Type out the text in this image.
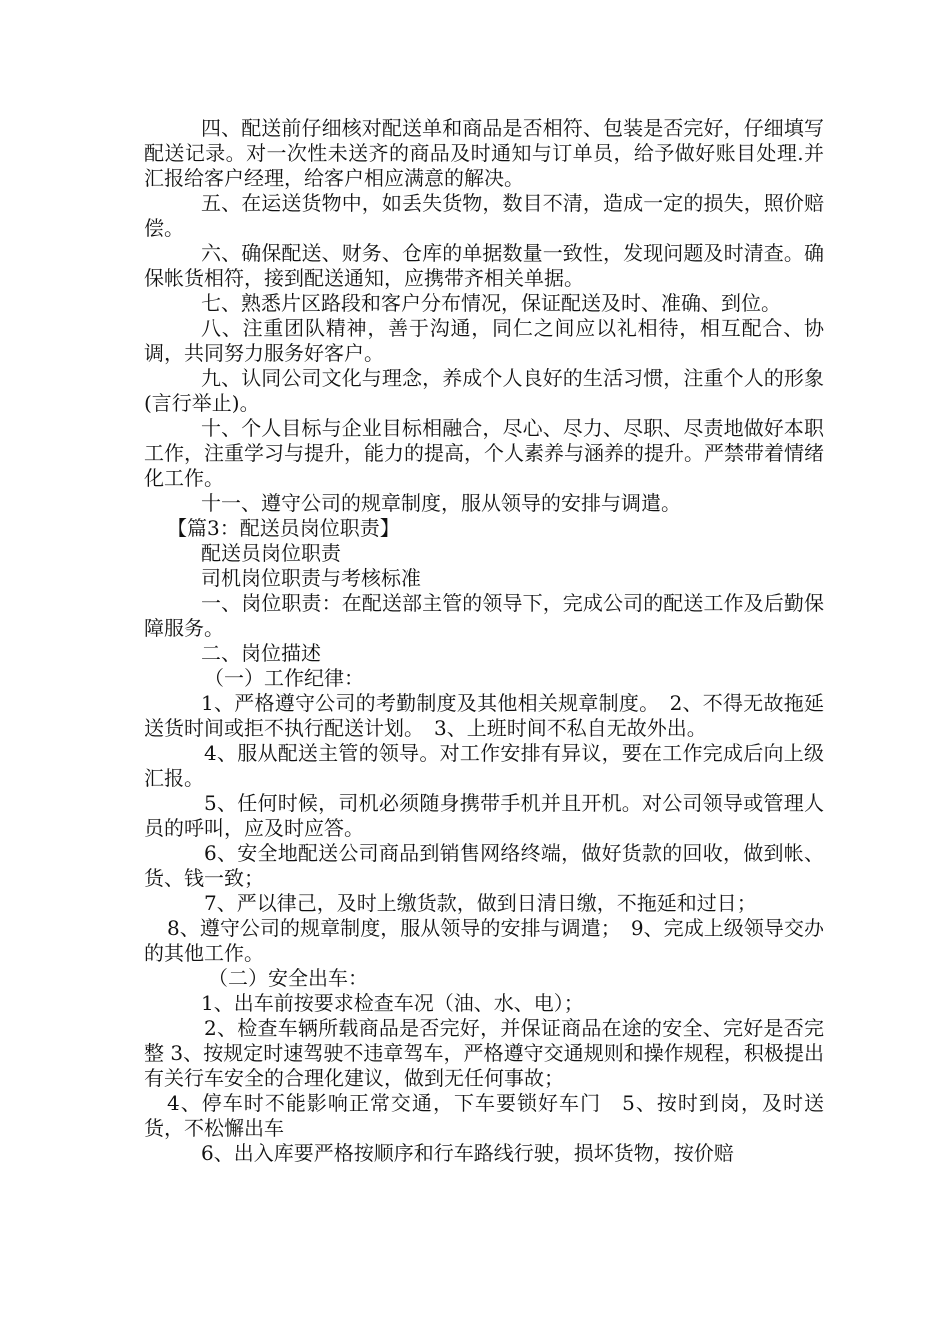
四、配送前仔细核对配送单和商品是否相符、包装是否完好，仔细填写配送记录。对一次性未送齐的商品及时通知与订单员，给予做好账目处理.并汇报给客户经理，给客户相应满意的解决。

五、在运送货物中，如丢失货物，数目不清，造成一定的损失，照价赔偿。

六、确保配送、财务、仓库的单据数量一致性，发现问题及时清查。确保帐货相符，接到配送通知，应携带齐相关单据。

七、熟悉片区路段和客户分布情况，保证配送及时、准确、到位。

八、注重团队精神，善于沟通，同仁之间应以礼相待，相互配合、协调，共同努力服务好客户。

九、认同公司文化与理念，养成个人良好的生活习惯，注重个人的形象(言行举止)。

十、个人目标与企业目标相融合，尽心、尽力、尽职、尽责地做好本职工作，注重学习与提升，能力的提高，个人素养与涵养的提升。严禁带着情绪化工作。

十一、遵守公司的规章制度，服从领导的安排与调遣。

【篇3：配送员岗位职责】

配送员岗位职责

司机岗位职责与考核标准

一、岗位职责：在配送部主管的领导下，完成公司的配送工作及后勤保障服务。

二、岗位描述

（一）工作纪律：

1、严格遵守公司的考勤制度及其他相关规章制度。　2、不得无故拖延送货时间或拒不执行配送计划。　3、上班时间不私自无故外出。

4、服从配送主管的领导。对工作安排有异议，要在工作完成后向上级汇报。

5、任何时候，司机必须随身携带手机并且开机。对公司领导或管理人员的呼叫，应及时应答。

6、安全地配送公司商品到销售网络终端，做好货款的回收，做到帐、货、钱一致；

7、严以律己，及时上缴货款，做到日清日缴，不拖延和过日；

8、遵守公司的规章制度，服从领导的安排与调遣；　9、完成上级领导交办的其他工作。

（二）安全出车：

1、出车前按要求检查车况（油、水、电）；

2、检查车辆所载商品是否完好，并保证商品在途的安全、完好是否完整 3、按规定时速驾驶不违章驾车，严格遵守交通规则和操作规程，积极提出有关行车安全的合理化建议，做到无任何事故；

4、停车时不能影响正常交通，下车要锁好车门　5、按时到岗，及时送货，不松懈出车

6、出入库要严格按顺序和行车路线行驶，损坏货物，按价赔
